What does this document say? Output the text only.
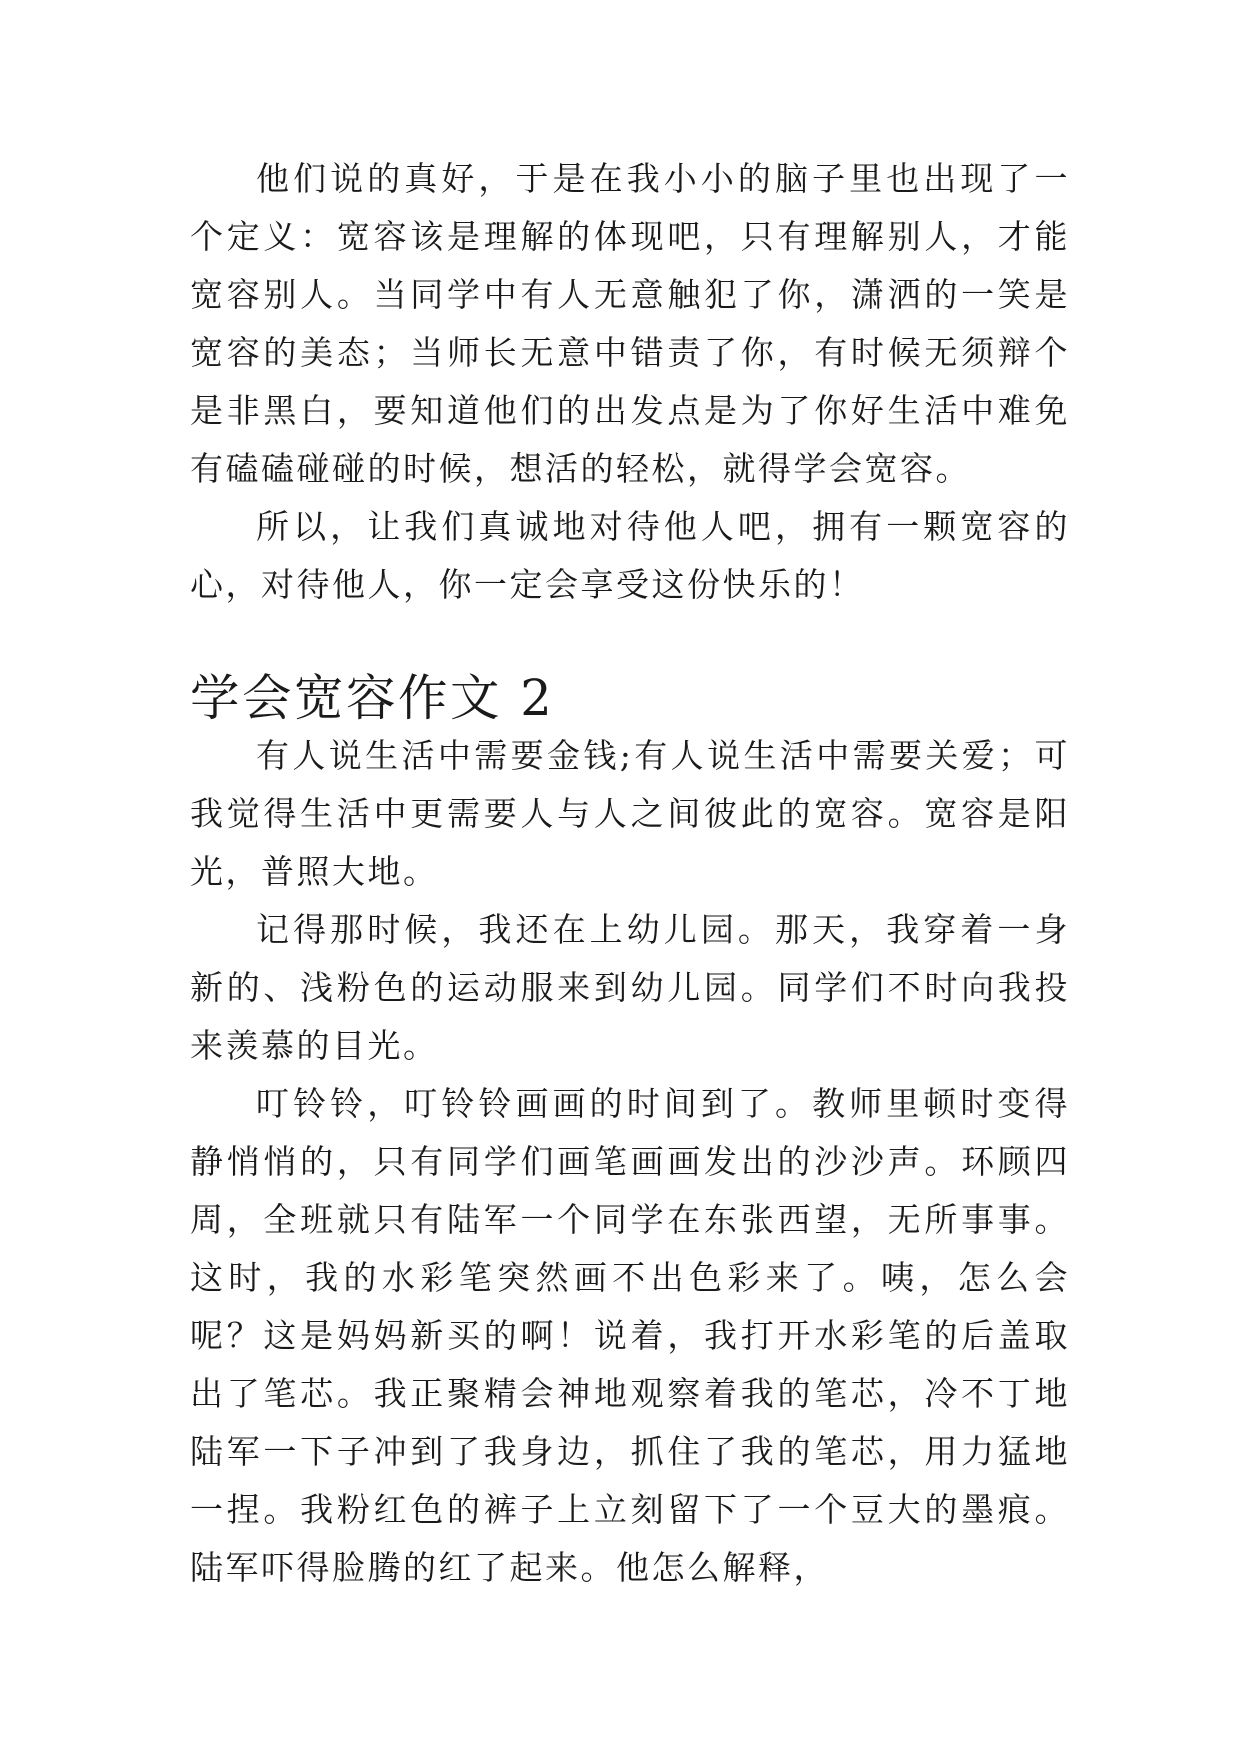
他们说的真好，于是在我小小的脑子里也出现了一个定义：宽容该是理解的体现吧，只有理解别人，才能宽容别人。当同学中有人无意触犯了你，潇洒的一笑是宽容的美态；当师长无意中错责了你，有时候无须辩个是非黑白，要知道他们的出发点是为了你好生活中难免有磕磕碰碰的时候，想活的轻松，就得学会宽容。

所以，让我们真诚地对待他人吧，拥有一颗宽容的心，对待他人，你一定会享受这份快乐的！

学会宽容作文 2

有人说生活中需要金钱;有人说生活中需要关爱；可我觉得生活中更需要人与人之间彼此的宽容。宽容是阳光，普照大地。

记得那时候，我还在上幼儿园。那天，我穿着一身新的、浅粉色的运动服来到幼儿园。同学们不时向我投来羡慕的目光。

叮铃铃，叮铃铃画画的时间到了。教师里顿时变得静悄悄的，只有同学们画笔画画发出的沙沙声。环顾四周，全班就只有陆军一个同学在东张西望，无所事事。这时，我的水彩笔突然画不出色彩来了。咦，怎么会呢？这是妈妈新买的啊！说着，我打开水彩笔的后盖取出了笔芯。我正聚精会神地观察着我的笔芯，冷不丁地陆军一下子冲到了我身边，抓住了我的笔芯，用力猛地一捏。我粉红色的裤子上立刻留下了一个豆大的墨痕。陆军吓得脸腾的红了起来。他怎么解释，
